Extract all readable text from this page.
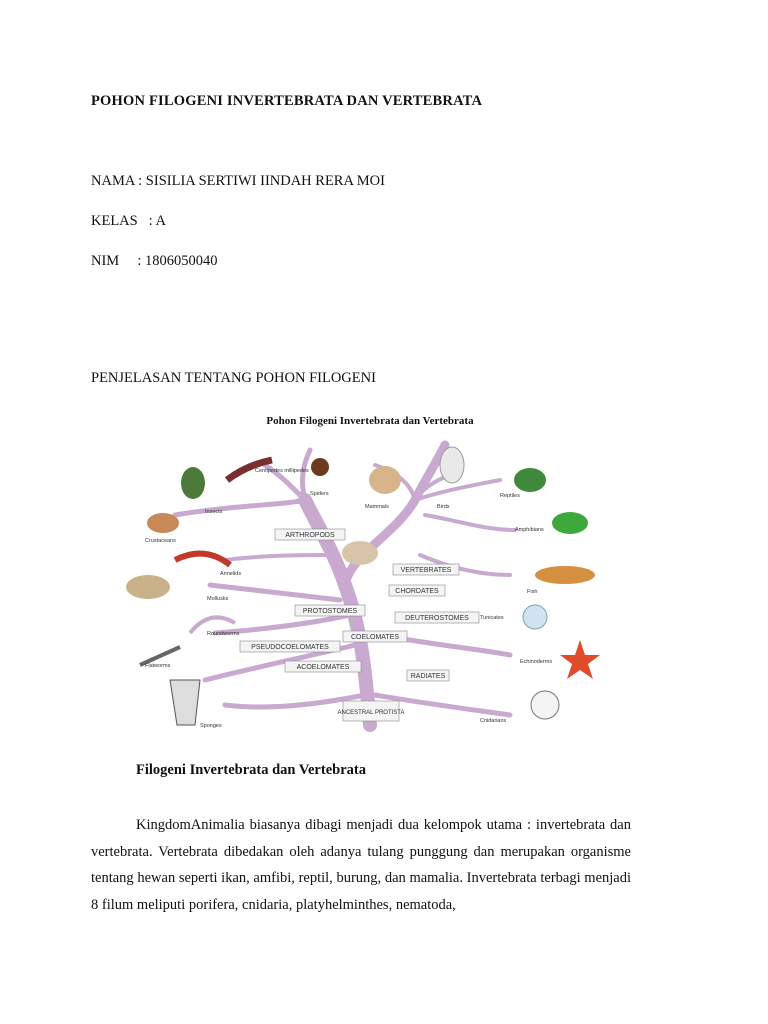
POHON FILOGENI INVERTEBRATA DAN VERTEBRATA
NAMA : SISILIA SERTIWI IINDAH RERA MOI
KELAS   : A
NIM     : 1806050040
PENJELASAN TENTANG POHON FILOGENI
Pohon Filogeni Invertebrata dan Vertebrata
ARTHROPODS
VERTEBRATES
CHORDATES
PROTOSTOMES
DEUTEROSTOMES
PSEUDOCOELOMATES
COELOMATES
ACOELOMATES
RADIATES
ANCESTRAL PROTISTA
Insects
Centipedes millipedes
Spiders
Mammals	Birds
Reptiles
Crustaceans
Amphibians
Annelids
Mollusks
Fish
Roundworms
Tunicates
Flatworms
Echinoderms
Sponges
Cnidarians
Filogeni Invertebrata dan Vertebrata

KingdomAnimalia biasanya dibagi menjadi dua kelompok utama : invertebrata dan vertebrata. Vertebrata dibedakan oleh adanya tulang punggung dan merupakan organisme tentang hewan seperti ikan, amfibi, reptil, burung, dan mamalia. Invertebrata terbagi menjadi 8 filum meliputi porifera, cnidaria, platyhelminthes, nematoda,
